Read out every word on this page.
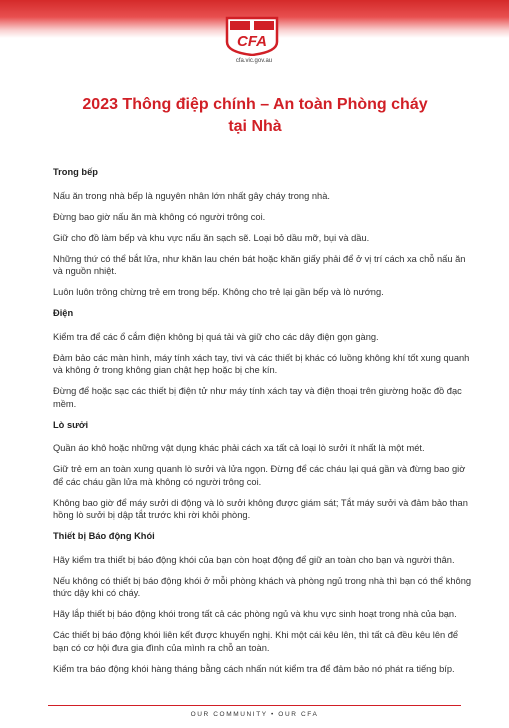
CFA
cfa.vic.gov.au
2023 Thông điệp chính – An toàn Phòng cháy
tại Nhà
Trong bếp

Nấu ăn trong nhà bếp là nguyên nhân lớn nhất gây cháy trong nhà.

Đừng bao giờ nấu ăn mà không có người trông coi.

Giữ cho đồ làm bếp và khu vực nấu ăn sạch sẽ. Loại bỏ dầu mỡ, bụi và dầu.

Những thứ có thể bắt lửa, như khăn lau chén bát hoặc khăn giấy phải để ở vị trí cách xa chỗ nấu ăn và nguồn nhiệt.

Luôn luôn trông chừng trẻ em trong bếp. Không cho trẻ lại gần bếp và lò nướng.

Điện

Kiểm tra để các ổ cắm điện không bị quá tải và giữ cho các dây điện gọn gàng.

Đảm bảo các màn hình, máy tính xách tay, tivi và các thiết bị khác có luồng không khí tốt xung quanh và không ở trong không gian chật hẹp hoặc bị che kín.

Đừng để hoặc sạc các thiết bị điện tử như máy tính xách tay và điện thoại trên giường hoặc đồ đạc mềm.

Lò sưởi

Quần áo khô hoặc những vật dụng khác phải cách xa tất cả loại lò sưởi ít nhất là một mét.

Giữ trẻ em an toàn xung quanh lò sưởi và lửa ngọn. Đừng để các cháu lại quá gần và đừng bao giờ để các cháu gần lửa mà không có người trông coi.

Không bao giờ để máy sưởi di động và lò sưởi không được giám sát; Tắt máy sưởi và đảm bảo than hồng lò sưởi bị dập tắt trước khi rời khỏi phòng.

Thiết bị Báo động Khói

Hãy kiểm tra thiết bị báo động khói của bạn còn hoạt động để giữ an toàn cho bạn và người thân.

Nếu không có thiết bị báo động khói ở mỗi phòng khách và phòng ngủ trong nhà thì bạn có thể không thức dậy khi có cháy.

Hãy lắp thiết bị báo động khói trong tất cả các phòng ngủ và khu vực sinh hoạt trong nhà của bạn.

Các thiết bị báo động khói liên kết được khuyến nghị. Khi một cái kêu lên, thì tất cả đều kêu lên để bạn có cơ hội đưa gia đình của mình ra chỗ an toàn.

Kiểm tra báo động khói hàng tháng bằng cách nhấn nút kiểm tra để đảm bảo nó phát ra tiếng bíp.

OUR COMMUNITY • OUR CFA
